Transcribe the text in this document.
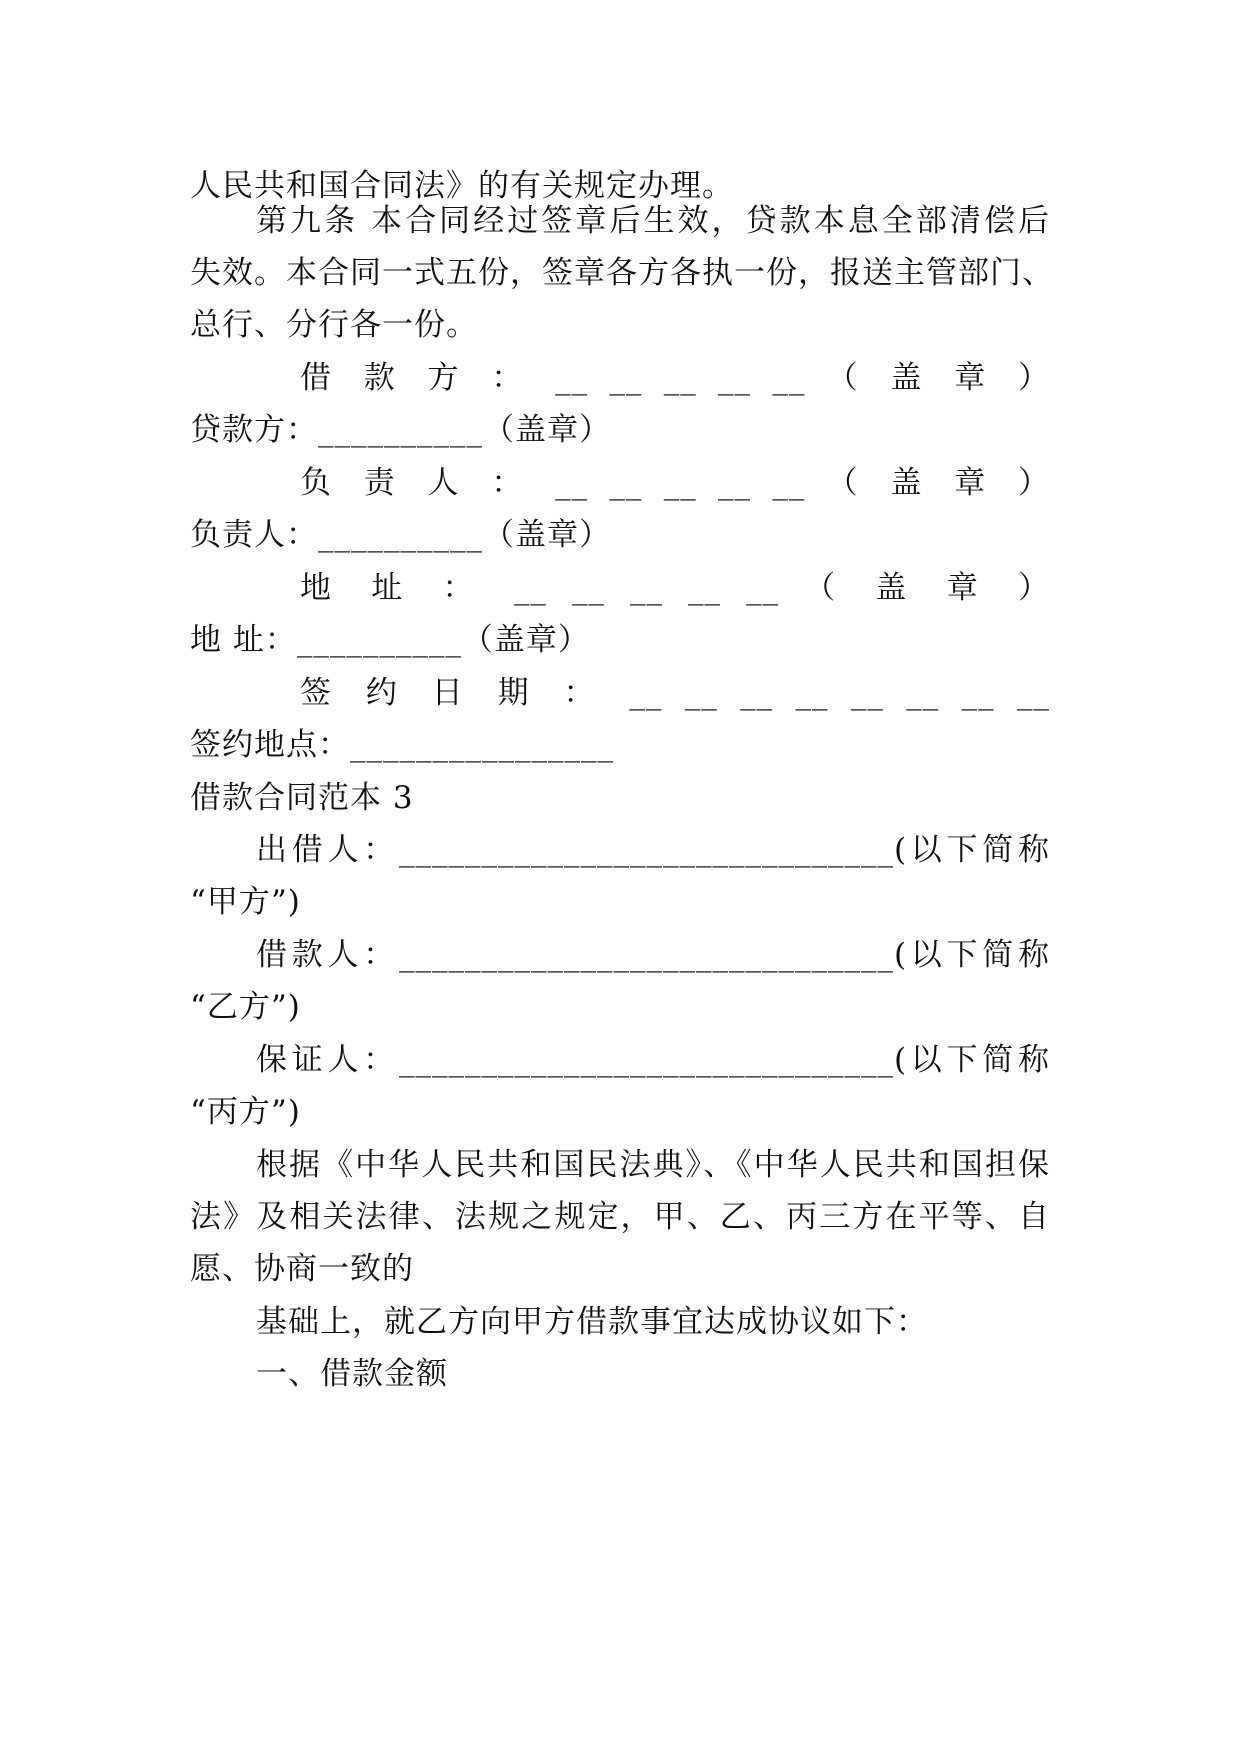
人民共和国合同法》的有关规定办理。
第九条 本合同经过签章后生效，贷款本息全部清偿后
失效。本合同一式五份，签章各方各执一份，报送主管部门、
总行、分行各一份。
借 款 方 ： __ __ __ __ __ （ 盖 章 ）
贷款方：__________（盖章）
负 责 人 ： __ __ __ __ __ （ 盖 章 ）
负责人：__________（盖章）
地 址 ： __ __ __ __ __ （ 盖 章 ）
地 址：__________（盖章）
签 约 日 期 ： __ __ __ __ __ __ __ __
签约地点：________________
借款合同范本 3
出借人：______________________________(以下简称
“甲方”)
借款人：______________________________(以下简称
“乙方”)
保证人：______________________________(以下简称
“丙方”)
根据《中华人民共和国民法典》、《中华人民共和国担保
法》及相关法律、法规之规定，甲、乙、丙三方在平等、自
愿、协商一致的
基础上，就乙方向甲方借款事宜达成协议如下：
一、借款金额
